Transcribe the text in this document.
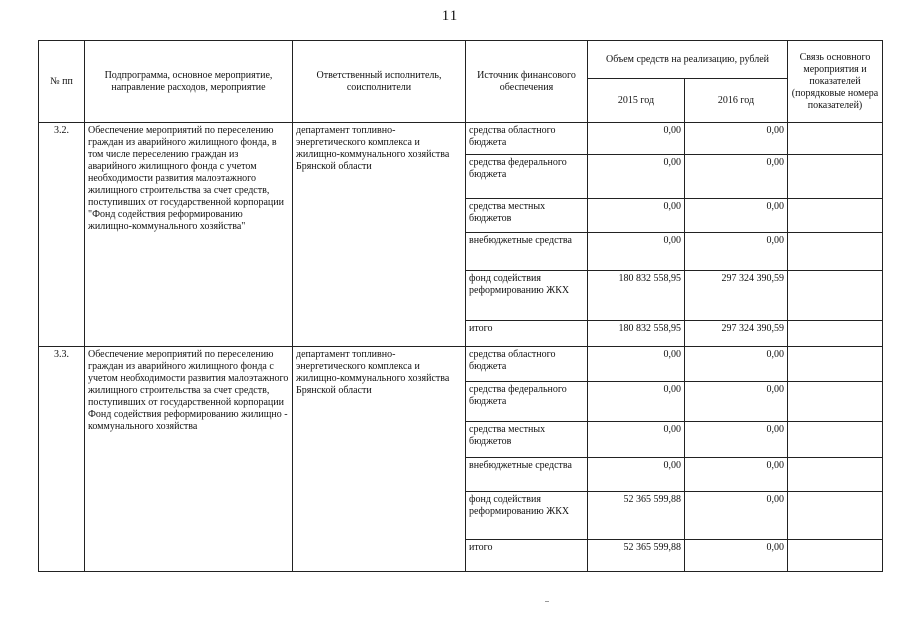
11
№ пп	Подпрограмма, основное мероприятие, направление расходов, мероприятие	Ответственный исполнитель, соисполнители	Источник финансового обеспечения	Объем средств на реализацию, рублей		Связь основного мероприятия и показателей (порядковые номера показателей)
				2015 год	2016 год	
3.2.	Обеспечение мероприятий по переселению граждан из аварийного жилищного фонда, в том числе переселению граждан из аварийного жилищного фонда с учетом необходимости развития малоэтажного жилищного строительства за счет средств, поступивших от государственной корпорации "Фонд содействия реформированию жилищно-коммунального хозяйства"	департамент топливно-энергетического комплекса и жилищно-коммунального хозяйства Брянской области	средства областного бюджета	0,00	0,00	
			средства федерального бюджета	0,00	0,00	
			средства местных бюджетов	0,00	0,00	
			внебюджетные средства	0,00	0,00	
			фонд содействия реформированию ЖКХ	180 832 558,95	297 324 390,59	
			итого	180 832 558,95	297 324 390,59	
3.3.	Обеспечение мероприятий по переселению граждан из аварийного жилищного фонда с учетом необходимости развития малоэтажного жилищного строительства за счет средств, поступивших от государственной корпорации Фонд содействия реформированию жилищно - коммунального хозяйства	департамент топливно-энергетического комплекса и жилищно-коммунального хозяйства Брянской области	средства областного бюджета	0,00	0,00	
			средства федерального бюджета	0,00	0,00	
			средства местных бюджетов	0,00	0,00	
			внебюджетные средства	0,00	0,00	
			фонд содействия реформированию ЖКХ	52 365 599,88	0,00	
			итого	52 365 599,88	0,00	
